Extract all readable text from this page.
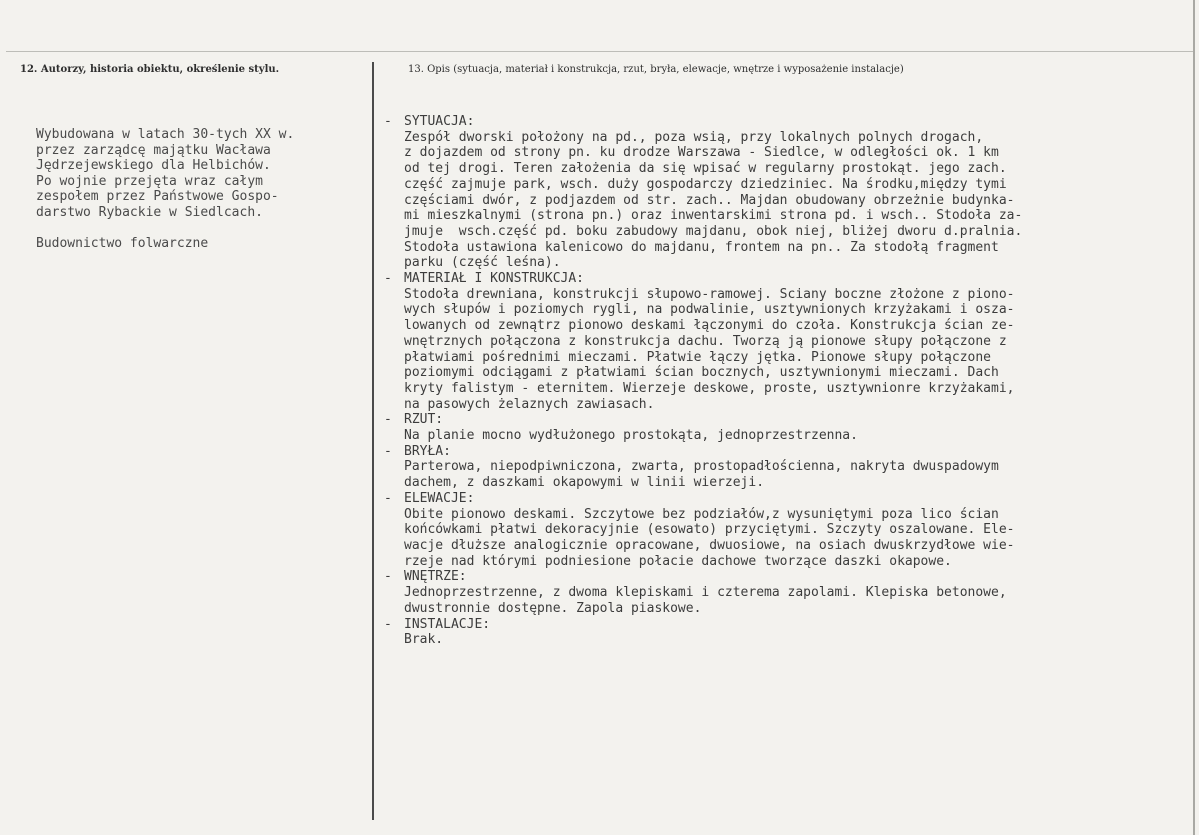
12. Autorzy, historia obiektu, określenie stylu.	13. Opis (sytuacja, materiał i konstrukcja, rzut, bryła, elewacje, wnętrze i wyposażenie instalacje)

Wybudowana w latach 30-tych XX w.
przez zarządcę majątku Wacława
Jędrzejewskiego dla Helbichów.
Po wojnie przejęta wraz całym
zespołem przez Państwowe Gospo-
darstwo Rybackie w Siedlcach.

Budownictwo folwarczne

- SYTUACJA:
Zespół dworski położony na pd., poza wsią, przy lokalnych polnych drogach,
z dojazdem od strony pn. ku drodze Warszawa - Siedlce, w odległości ok. 1 km
od tej drogi. Teren założenia da się wpisać w regularny prostokąt. jego zach.
część zajmuje park, wsch. duży gospodarczy dziedziniec. Na środku,między tymi
częściami dwór, z podjazdem od str. zach.. Majdan obudowany obrzeżnie budynka-
mi mieszkalnymi (strona pn.) oraz inwentarskimi strona pd. i wsch.. Stodoła za-
jmuje  wsch.część pd. boku zabudowy majdanu, obok niej, bliżej dworu d.pralnia.
Stodoła ustawiona kalenicowo do majdanu, frontem na pn.. Za stodołą fragment
parku (część leśna).
- MATERIAŁ I KONSTRUKCJA:
Stodoła drewniana, konstrukcji słupowo-ramowej. Sciany boczne złożone z piono-
wych słupów i poziomych rygli, na podwalinie, usztywnionych krzyżakami i osza-
lowanych od zewnątrz pionowo deskami łączonymi do czoła. Konstrukcja ścian ze-
wnętrznych połączona z konstrukcja dachu. Tworzą ją pionowe słupy połączone z
płatwiami pośrednimi mieczami. Płatwie łączy jętka. Pionowe słupy połączone
poziomymi odciągami z płatwiami ścian bocznych, usztywnionymi mieczami. Dach
kryty falistym - eternitem. Wierzeje deskowe, proste, usztywnionre krzyżakami,
na pasowych żelaznych zawiasach.
- RZUT:
Na planie mocno wydłużonego prostokąta, jednoprzestrzenna.
- BRYŁA:
Parterowa, niepodpiwniczona, zwarta, prostopadłościenna, nakryta dwuspadowym
dachem, z daszkami okapowymi w linii wierzeji.
- ELEWACJE:
Obite pionowo deskami. Szczytowe bez podziałów,z wysuniętymi poza lico ścian
końcówkami płatwi dekoracyjnie (esowato) przyciętymi. Szczyty oszalowane. Ele-
wacje dłuższe analogicznie opracowane, dwuosiowe, na osiach dwuskrzydłowe wie-
rzeje nad którymi podniesione połacie dachowe tworzące daszki okapowe.
- WNĘTRZE:
Jednoprzestrzenne, z dwoma klepiskami i czterema zapolami. Klepiska betonowe,
dwustronnie dostępne. Zapola piaskowe.
- INSTALACJE:
Brak.
